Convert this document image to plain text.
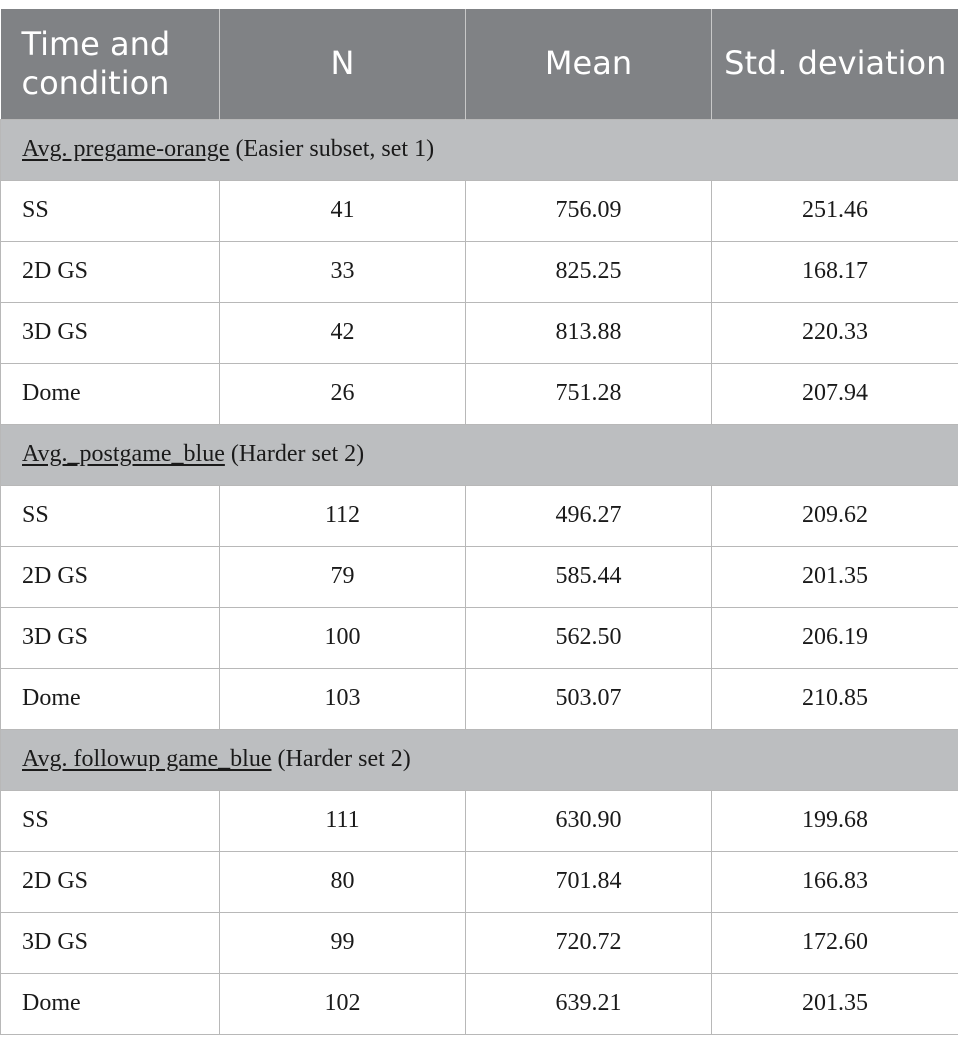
Time and condition	N	Mean	Std. deviation
Avg. pregame-orange (Easier subset, set 1)			
SS	41	756.09	251.46
2D GS	33	825.25	168.17
3D GS	42	813.88	220.33
Dome	26	751.28	207.94
Avg._postgame_blue (Harder set 2)			
SS	112	496.27	209.62
2D GS	79	585.44	201.35
3D GS	100	562.50	206.19
Dome	103	503.07	210.85
Avg. followup game_blue (Harder set 2)			
SS	111	630.90	199.68
2D GS	80	701.84	166.83
3D GS	99	720.72	172.60
Dome	102	639.21	201.35
